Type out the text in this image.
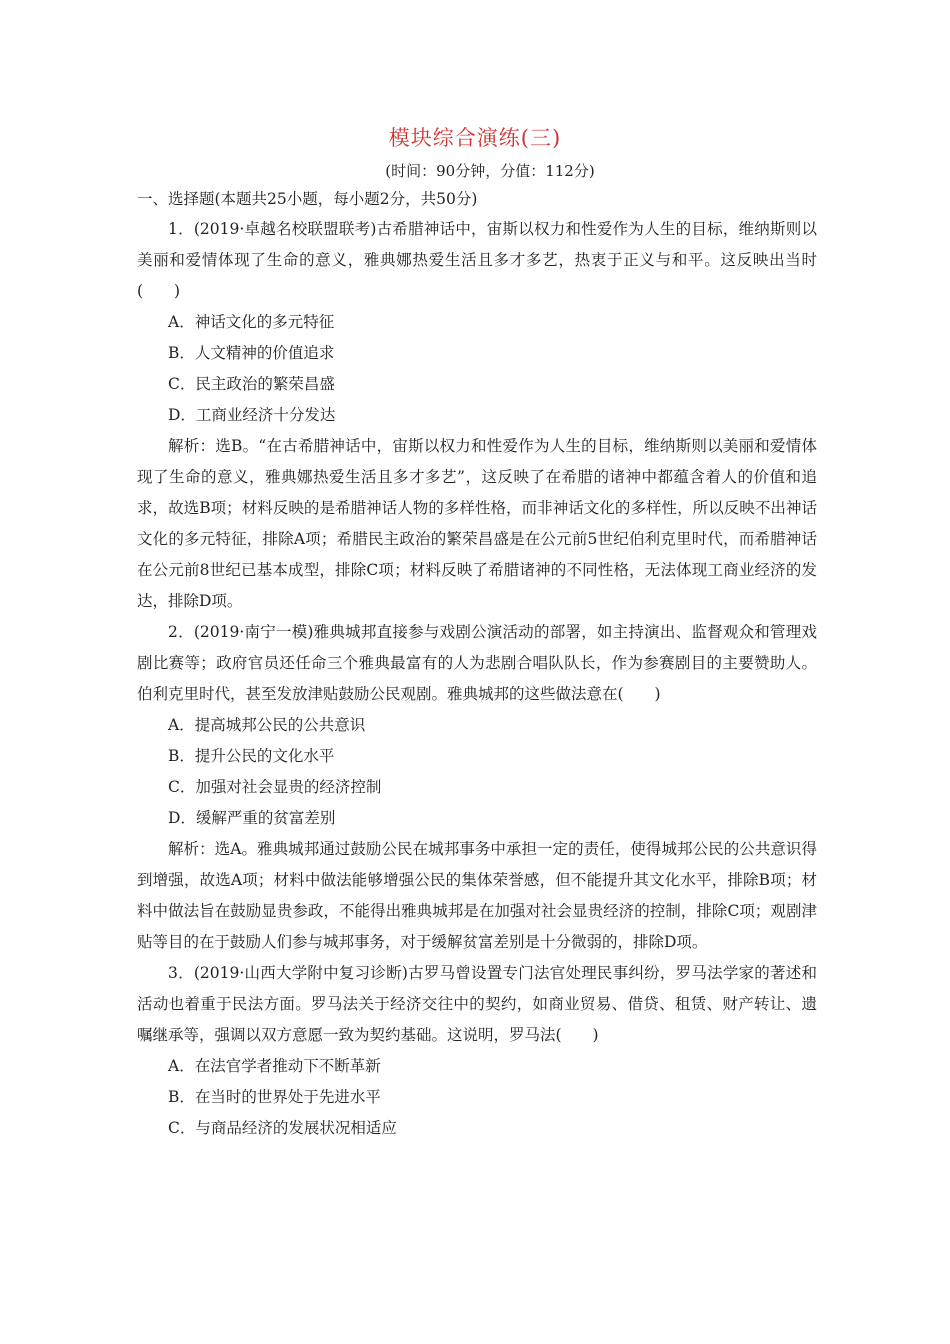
模块综合演练(三)
(时间：90分钟，分值：112分)
一、选择题(本题共25小题，每小题2分，共50分)

1．(2019·卓越名校联盟联考)古希腊神话中，宙斯以权力和性爱作为人生的目标，维纳斯则以美丽和爱情体现了生命的意义，雅典娜热爱生活且多才多艺，热衷于正义与和平。这反映出当时(　　)

A．神话文化的多元特征

B．人文精神的价值追求

C．民主政治的繁荣昌盛

D．工商业经济十分发达

解析：选B。“在古希腊神话中，宙斯以权力和性爱作为人生的目标，维纳斯则以美丽和爱情体现了生命的意义，雅典娜热爱生活且多才多艺”，这反映了在希腊的诸神中都蕴含着人的价值和追求，故选B项；材料反映的是希腊神话人物的多样性格，而非神话文化的多样性，所以反映不出神话文化的多元特征，排除A项；希腊民主政治的繁荣昌盛是在公元前5世纪伯利克里时代，而希腊神话在公元前8世纪已基本成型，排除C项；材料反映了希腊诸神的不同性格，无法体现工商业经济的发达，排除D项。

2．(2019·南宁一模)雅典城邦直接参与戏剧公演活动的部署，如主持演出、监督观众和管理戏剧比赛等；政府官员还任命三个雅典最富有的人为悲剧合唱队队长，作为参赛剧目的主要赞助人。伯利克里时代，甚至发放津贴鼓励公民观剧。雅典城邦的这些做法意在(　　)

A．提高城邦公民的公共意识

B．提升公民的文化水平

C．加强对社会显贵的经济控制

D．缓解严重的贫富差别

解析：选A。雅典城邦通过鼓励公民在城邦事务中承担一定的责任，使得城邦公民的公共意识得到增强，故选A项；材料中做法能够增强公民的集体荣誉感，但不能提升其文化水平，排除B项；材料中做法旨在鼓励显贵参政，不能得出雅典城邦是在加强对社会显贵经济的控制，排除C项；观剧津贴等目的在于鼓励人们参与城邦事务，对于缓解贫富差别是十分微弱的，排除D项。

3．(2019·山西大学附中复习诊断)古罗马曾设置专门法官处理民事纠纷，罗马法学家的著述和活动也着重于民法方面。罗马法关于经济交往中的契约，如商业贸易、借贷、租赁、财产转让、遗嘱继承等，强调以双方意愿一致为契约基础。这说明，罗马法(　　)

A．在法官学者推动下不断革新

B．在当时的世界处于先进水平

C．与商品经济的发展状况相适应
